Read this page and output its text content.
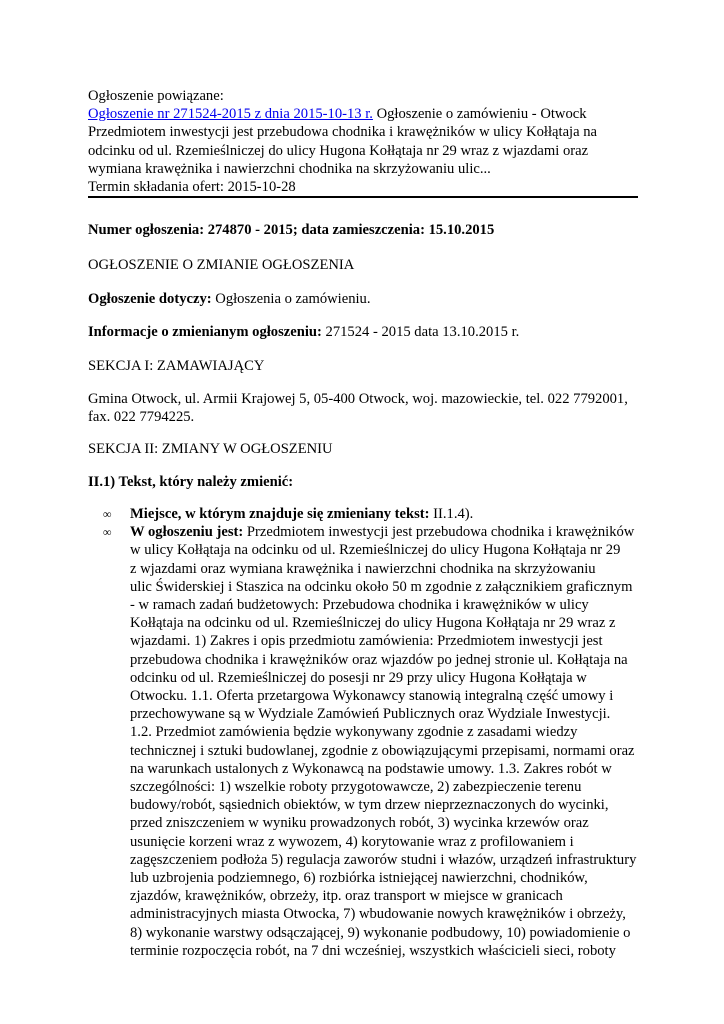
Ogłoszenie powiązane:

Ogłoszenie nr 271524-2015 z dnia 2015-10-13 r. Ogłoszenie o zamówieniu - Otwock

Przedmiotem inwestycji jest przebudowa chodnika i krawężników w ulicy Kołłątaja na

odcinku od ul. Rzemieślniczej do ulicy Hugona Kołłątaja nr 29 wraz z wjazdami oraz

wymiana krawężnika i nawierzchni chodnika na skrzyżowaniu ulic...

Termin składania ofert: 2015-10-28

Numer ogłoszenia: 274870 - 2015; data zamieszczenia: 15.10.2015

OGŁOSZENIE O ZMIANIE OGŁOSZENIA

Ogłoszenie dotyczy: Ogłoszenia o zamówieniu.

Informacje o zmienianym ogłoszeniu: 271524 - 2015 data 13.10.2015 r.

SEKCJA I: ZAMAWIAJĄCY

Gmina Otwock, ul. Armii Krajowej 5, 05-400 Otwock, woj. mazowieckie, tel. 022 7792001,
fax. 022 7794225.

SEKCJA II: ZMIANY W OGŁOSZENIU

II.1) Tekst, który należy zmienić:

∞ Miejsce, w którym znajduje się zmieniany tekst: II.1.4).
∞ W ogłoszeniu jest: Przedmiotem inwestycji jest przebudowa chodnika i krawężników
w ulicy Kołłątaja na odcinku od ul. Rzemieślniczej do ulicy Hugona Kołłątaja nr 29
z wjazdami oraz wymiana krawężnika i nawierzchni chodnika na skrzyżowaniu
ulic Świderskiej i Staszica na odcinku około 50 m zgodnie z załącznikiem graficznym
- w ramach zadań budżetowych: Przebudowa chodnika i krawężników w ulicy
Kołłątaja na odcinku od ul. Rzemieślniczej do ulicy Hugona Kołłątaja nr 29 wraz z
wjazdami. 1) Zakres i opis przedmiotu zamówienia: Przedmiotem inwestycji jest
przebudowa chodnika i krawężników oraz wjazdów po jednej stronie ul. Kołłątaja na
odcinku od ul. Rzemieślniczej do posesji nr 29 przy ulicy Hugona Kołłątaja w
Otwocku. 1.1. Oferta przetargowa Wykonawcy stanowią integralną część umowy i
przechowywane są w Wydziale Zamówień Publicznych oraz Wydziale Inwestycji.
1.2. Przedmiot zamówienia będzie wykonywany zgodnie z zasadami wiedzy
technicznej i sztuki budowlanej, zgodnie z obowiązującymi przepisami, normami oraz
na warunkach ustalonych z Wykonawcą na podstawie umowy. 1.3. Zakres robót w
szczególności: 1) wszelkie roboty przygotowawcze, 2) zabezpieczenie terenu
budowy/robót, sąsiednich obiektów, w tym drzew nieprzeznaczonych do wycinki,
przed zniszczeniem w wyniku prowadzonych robót, 3) wycinka krzewów oraz
usunięcie korzeni wraz z wywozem, 4) korytowanie wraz z profilowaniem i
zagęszczeniem podłoża 5) regulacja zaworów studni i włazów, urządzeń infrastruktury
lub uzbrojenia podziemnego, 6) rozbiórka istniejącej nawierzchni, chodników,
zjazdów, krawężników, obrzeży, itp. oraz transport w miejsce w granicach
administracyjnych miasta Otwocka, 7) wbudowanie nowych krawężników i obrzeży,
8) wykonanie warstwy odsączającej, 9) wykonanie podbudowy, 10) powiadomienie o
terminie rozpoczęcia robót, na 7 dni wcześniej, wszystkich właścicieli sieci, roboty
